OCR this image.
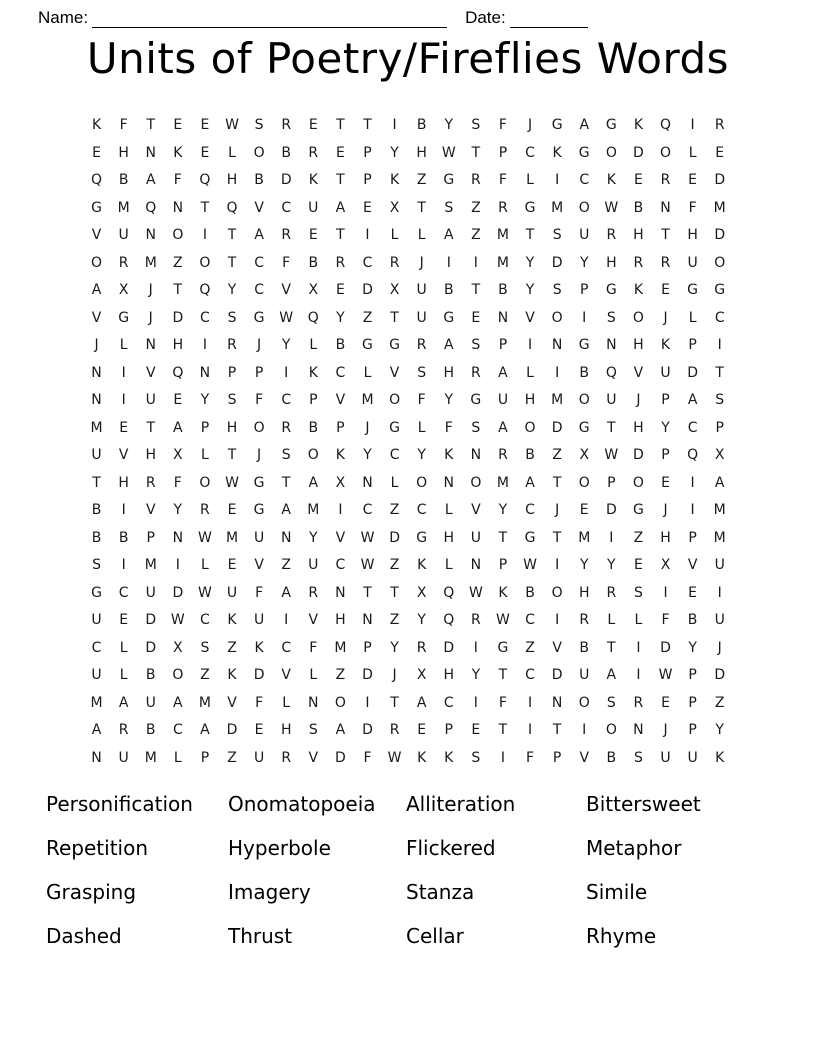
Name:	Date:
Units of Poetry/Fireflies Words
K	F	T	E	E	W	S	R	E	T	T	I	B	Y	S	F	J	G	A	G	K	Q	I	R
E	H	N	K	E	L	O	B	R	E	P	Y	H	W	T	P	C	K	G	O	D	O	L	E
Q	B	A	F	Q	H	B	D	K	T	P	K	Z	G	R	F	L	I	C	K	E	R	E	D
G	M	Q	N	T	Q	V	C	U	A	E	X	T	S	Z	R	G	M	O	W	B	N	F	M
V	U	N	O	I	T	A	R	E	T	I	L	L	A	Z	M	T	S	U	R	H	T	H	D
O	R	M	Z	O	T	C	F	B	R	C	R	J	I	I	M	Y	D	Y	H	R	R	U	O
A	X	J	T	Q	Y	C	V	X	E	D	X	U	B	T	B	Y	S	P	G	K	E	G	G
V	G	J	D	C	S	G	W	Q	Y	Z	T	U	G	E	N	V	O	I	S	O	J	L	C
J	L	N	H	I	R	J	Y	L	B	G	G	R	A	S	P	I	N	G	N	H	K	P	I
N	I	V	Q	N	P	P	I	K	C	L	V	S	H	R	A	L	I	B	Q	V	U	D	T
N	I	U	E	Y	S	F	C	P	V	M	O	F	Y	G	U	H	M	O	U	J	P	A	S
M	E	T	A	P	H	O	R	B	P	J	G	L	F	S	A	O	D	G	T	H	Y	C	P
U	V	H	X	L	T	J	S	O	K	Y	C	Y	K	N	R	B	Z	X	W	D	P	Q	X
T	H	R	F	O	W	G	T	A	X	N	L	O	N	O	M	A	T	O	P	O	E	I	A
B	I	V	Y	R	E	G	A	M	I	C	Z	C	L	V	Y	C	J	E	D	G	J	I	M
B	B	P	N	W	M	U	N	Y	V	W	D	G	H	U	T	G	T	M	I	Z	H	P	M
S	I	M	I	L	E	V	Z	U	C	W	Z	K	L	N	P	W	I	Y	Y	E	X	V	U
G	C	U	D	W	U	F	A	R	N	T	T	X	Q	W	K	B	O	H	R	S	I	E	I
U	E	D	W	C	K	U	I	V	H	N	Z	Y	Q	R	W	C	I	R	L	L	F	B	U
C	L	D	X	S	Z	K	C	F	M	P	Y	R	D	I	G	Z	V	B	T	I	D	Y	J
U	L	B	O	Z	K	D	V	L	Z	D	J	X	H	Y	T	C	D	U	A	I	W	P	D
M	A	U	A	M	V	F	L	N	O	I	T	A	C	I	F	I	N	O	S	R	E	P	Z
A	R	B	C	A	D	E	H	S	A	D	R	E	P	E	T	I	T	I	O	N	J	P	Y
N	U	M	L	P	Z	U	R	V	D	F	W	K	K	S	I	F	P	V	B	S	U	U	K
Personification	Onomatopoeia	Alliteration	Bittersweet
Repetition	Hyperbole	Flickered	Metaphor
Grasping	Imagery	Stanza	Simile
Dashed	Thrust	Cellar	Rhyme
